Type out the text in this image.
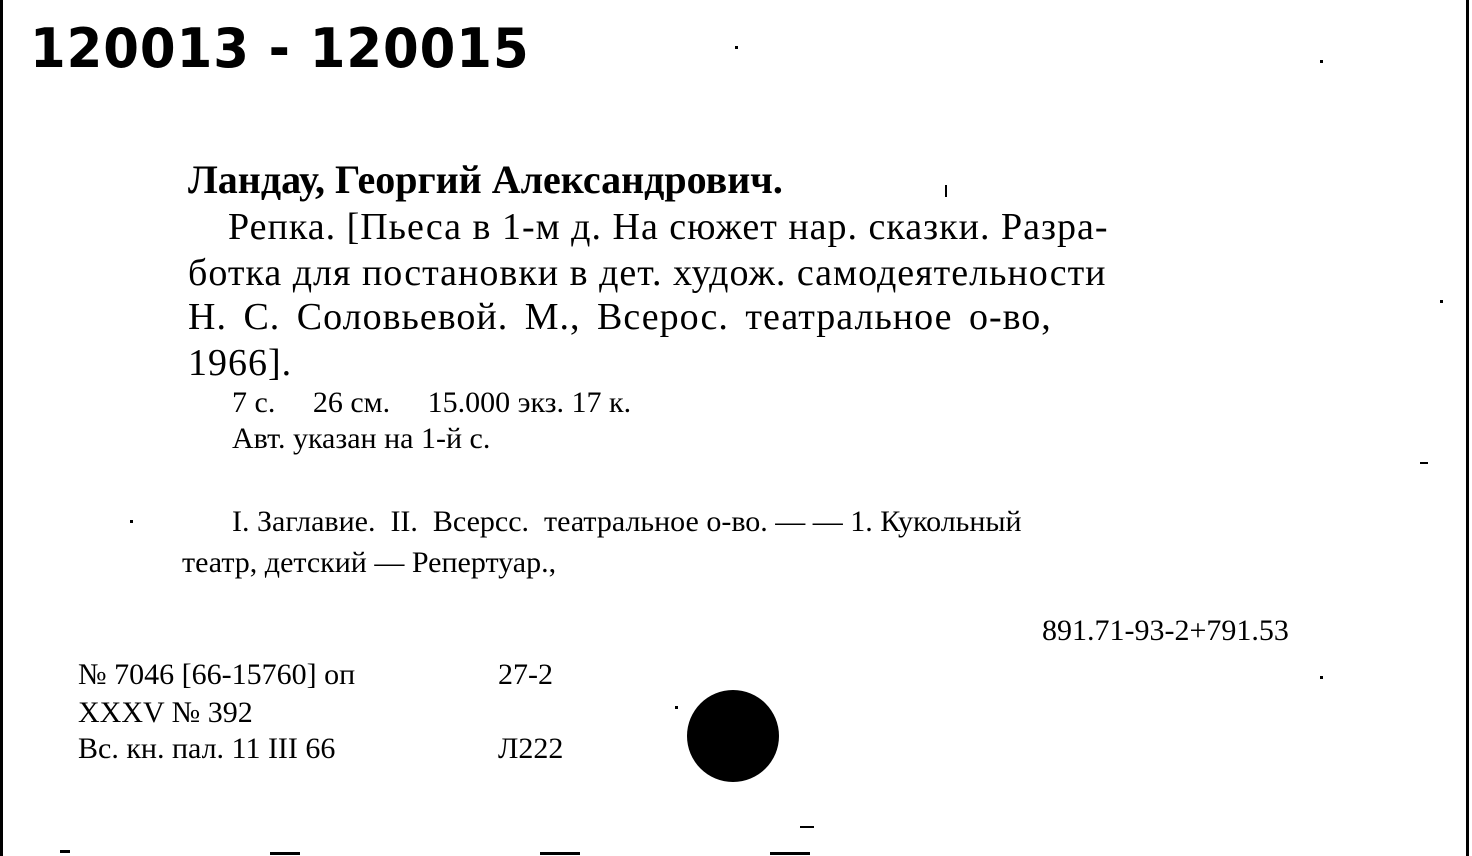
120013 - 120015
Ландау, Георгий Александрович.
Репка. [Пьеса в 1-м д. На сюжет нар. сказки. Разра-
ботка для постановки в дет. худож. самодеятельности
Н. С. Соловьевой. М., Всерос. театральное о-во,
1966].
7 с.     26 см.     15.000 экз. 17 к.
Авт. указан на 1-й с.
I. Заглавие.  II.  Всерсс.  театральное о-во. — — 1. Кукольный
театр, детский — Репертуар.,
891.71-93-2+791.53
№ 7046 [66-15760] оп
XXXV № 392
Вс. кн. пал. 11 III 66
27-2
Л222
